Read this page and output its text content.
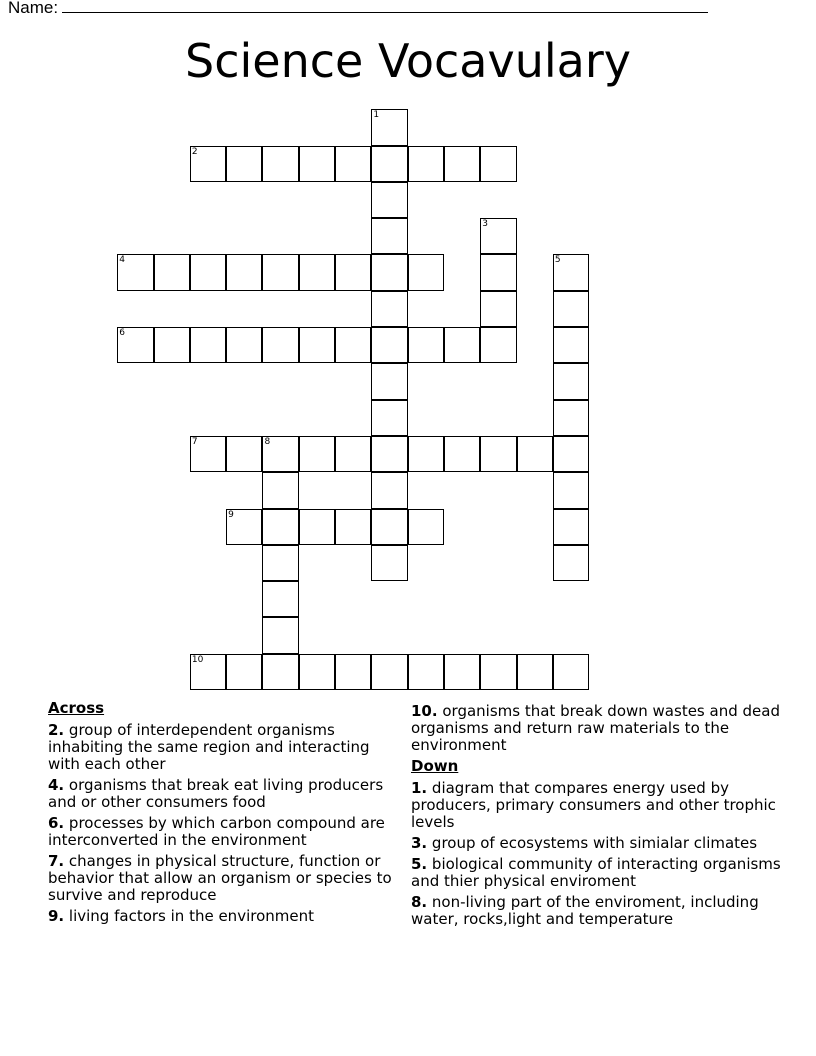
Name:
Science Vocavulary
1
2
3
4	5
6
7	8
9
10
Across
2. group of interdependent organisms inhabiting the same region and interacting with each other
4. organisms that break eat living producers and or other consumers food
6. processes by which carbon compound are interconverted in the environment
7. changes in physical structure, function or behavior that allow an organism or species to survive and reproduce
9. living factors in the environment
10. organisms that break down wastes and dead organisms and return raw materials to the environment
Down
1. diagram that compares energy used by producers, primary consumers and other trophic levels
3. group of ecosystems with simialar climates
5. biological community of interacting organisms and thier physical enviroment
8. non-living part of the enviroment, including water, rocks,light and temperature
